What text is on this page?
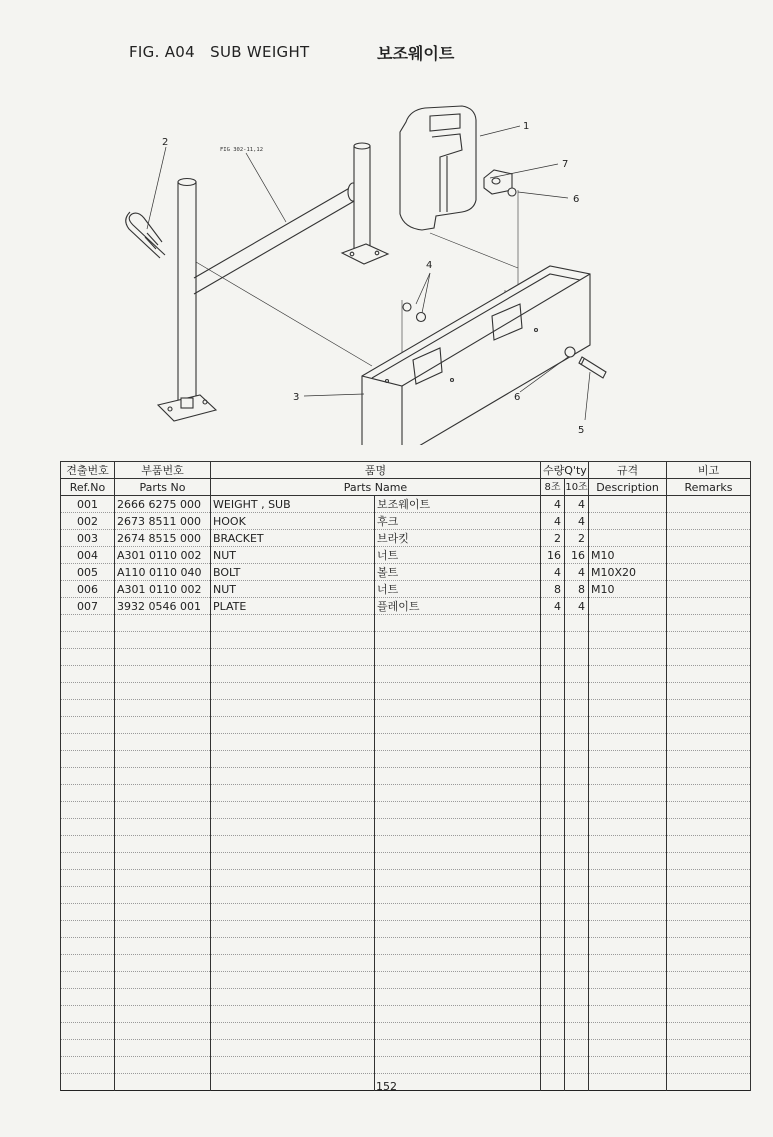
FIG. A04   SUB WEIGHT	보조웨이트
1
2
3
4
5
6
6
7
FIG 302-11,12
견출번호	부품번호	품명		수량Q'ty		규격	비고
Ref.No	Parts No	Parts Name		8조	10조	Description	Remarks
001	2666 6275 000	WEIGHT , SUB	보조웨이트	4	4		
002	2673 8511 000	HOOK	후크	4	4		
003	2674 8515 000	BRACKET	브라킷	2	2		
004	A301 0110 002	NUT	너트	16	16	M10	
005	A110 0110 040	BOLT	볼트	4	4	M10X20	
006	A301 0110 002	NUT	너트	8	8	M10	
007	3932 0546 001	PLATE	플레이트	4	4		

152
